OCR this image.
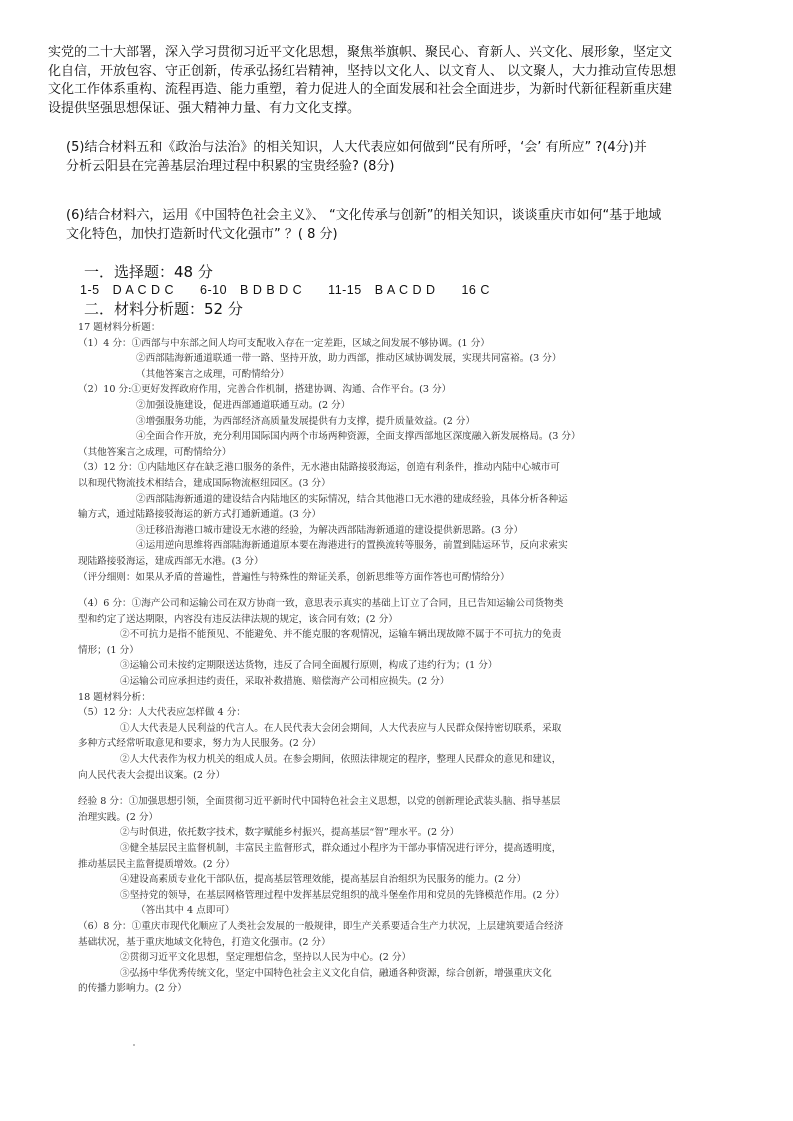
实党的二十大部署，深入学习贯彻习近平文化思想，聚焦举旗帜、聚民心、育新人、兴文化、展形象，坚定文

化自信，开放包容、守正创新，传承弘扬红岩精神，坚持以文化人、以文育人、 以文聚人，大力推动宣传思想

文化工作体系重构、流程再造、能力重塑，着力促进人的全面发展和社会全面进步，为新时代新征程新重庆建

设提供坚强思想保证、强大精神力量、有力文化支撑。

(5)结合材料五和《政治与法治》的相关知识，人大代表应如何做到“民有所呼，‘会’ 有所应” ?(4分)并

分析云阳县在完善基层治理过程中积累的宝贵经验? (8分)

(6)结合材料六，运用《中国特色社会主义》、 “文化传承与创新”的相关知识，谈谈重庆市如何“基于地域

文化特色，加快打造新时代文化强市” ？( 8 分)

一．选择题：48 分
1-5　D A C D C 6-10　B D B D C 11-15　B A C D D 16 C
二．材料分析题：52 分

17 题材料分析题：

（1）4 分：①西部与中东部之间人均可支配收入存在一定差距，区域之间发展不够协调。(1 分）

②西部陆海新通道联通一带一路、坚持开放，助力西部，推动区域协调发展，实现共同富裕。(3 分）

（其他答案言之成理，可酌情给分）

（2）10 分:①更好发挥政府作用，完善合作机制，搭建协调、沟通、合作平台。(3 分）

②加强设施建设，促进西部通道联通互动。(2 分）

③增强服务功能，为西部经济高质量发展提供有力支撑，提升质量效益。(2 分）

④全面合作开放，充分利用国际国内两个市场两种资源，全面支撑西部地区深度融入新发展格局。(3 分）

（其他答案言之成理，可酌情给分）

（3）12 分：①内陆地区存在缺乏港口服务的条件，无水港由陆路接驳海运，创造有利条件，推动内陆中心城市可

以和现代物流技术相结合，建成国际物流枢纽园区。(3 分）

②西部陆海新通道的建设结合内陆地区的实际情况，结合其他港口无水港的建成经验，具体分析各种运

输方式，通过陆路接驳海运的新方式打通新通道。(3 分）

③迁移沿海港口城市建设无水港的经验，为解决西部陆海新通道的建设提供新思路。(3 分）

④运用逆向思维将西部陆海新通道原本要在海港进行的置换流转等服务，前置到陆运环节，反向求索实

现陆路接驳海运，建成西部无水港。(3 分）

（评分细则：如果从矛盾的普遍性，普遍性与特殊性的辩证关系，创新思维等方面作答也可酌情给分）

（4）6 分：①海产公司和运输公司在双方协商一致，意思表示真实的基础上订立了合同，且已告知运输公司货物类

型和约定了送达期限，内容没有违反法律法规的规定，该合同有效；(2 分）

②不可抗力是指不能预见、不能避免、并不能克服的客观情况，运输车辆出现故障不属于不可抗力的免责

情形；(1 分）

③运输公司未按约定期限送达货物，违反了合同全面履行原则，构成了违约行为；(1 分）

④运输公司应承担违约责任，采取补救措施、赔偿海产公司相应损失。(2 分）

18 题材料分析：

（5）12 分：人大代表应怎样做 4 分：

①人大代表是人民利益的代言人。在人民代表大会闭会期间，人大代表应与人民群众保持密切联系，采取

多种方式经常听取意见和要求，努力为人民服务。(2 分）

②人大代表作为权力机关的组成人员。在参会期间，依照法律规定的程序，整理人民群众的意见和建议，

向人民代表大会提出议案。(2 分）

经验 8 分：①加强思想引领，全面贯彻习近平新时代中国特色社会主义思想，以党的创新理论武装头脑、指导基层

治理实践。(2 分）

②与时俱进，依托数字技术，数字赋能乡村振兴，提高基层“智”理水平。(2 分）

③健全基层民主监督机制，丰富民主监督形式，群众通过小程序为干部办事情况进行评分，提高透明度，

推动基层民主监督提质增效。(2 分）

④建设高素质专业化干部队伍，提高基层管理效能，提高基层自治组织为民服务的能力。(2 分）

⑤坚持党的领导，在基层网格管理过程中发挥基层党组织的战斗堡垒作用和党员的先锋模范作用。(2 分）

（答出其中 4 点即可）

（6）8 分：①重庆市现代化顺应了人类社会发展的一般规律，即生产关系要适合生产力状况，上层建筑要适合经济

基础状况，基于重庆地域文化特色，打造文化强市。(2 分）

②贯彻习近平文化思想，坚定理想信念，坚持以人民为中心。(2 分）

③弘扬中华优秀传统文化，坚定中国特色社会主义文化自信，融通各种资源，综合创新，增强重庆文化

的传播力影响力。(2 分）
